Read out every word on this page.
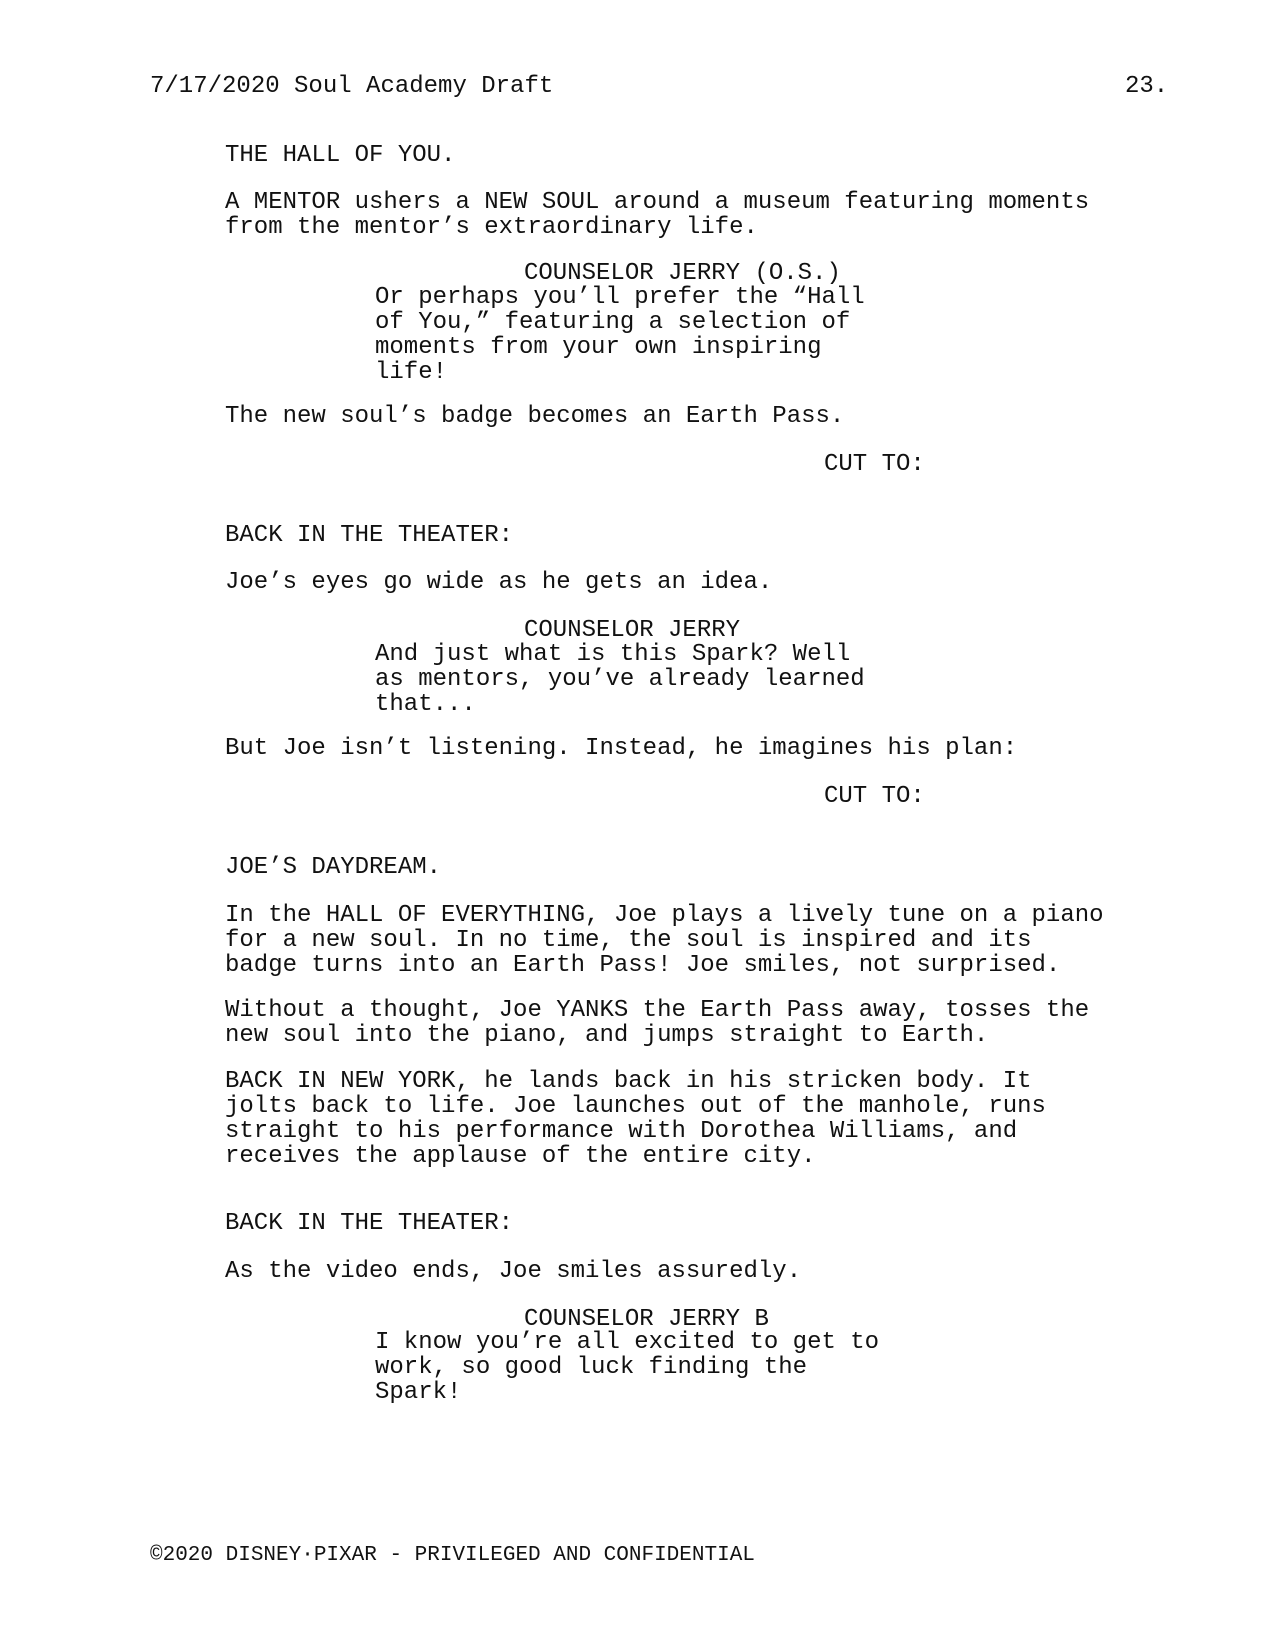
7/17/2020 Soul Academy Draft	23.
THE HALL OF YOU.
A MENTOR ushers a NEW SOUL around a museum featuring moments
from the mentor’s extraordinary life.
COUNSELOR JERRY (O.S.)
Or perhaps you’ll prefer the “Hall
of You,” featuring a selection of
moments from your own inspiring
life!
The new soul’s badge becomes an Earth Pass.
CUT TO:
BACK IN THE THEATER:
Joe’s eyes go wide as he gets an idea.
COUNSELOR JERRY
And just what is this Spark? Well
as mentors, you’ve already learned
that...
But Joe isn’t listening. Instead, he imagines his plan:
CUT TO:
JOE’S DAYDREAM.
In the HALL OF EVERYTHING, Joe plays a lively tune on a piano
for a new soul. In no time, the soul is inspired and its
badge turns into an Earth Pass! Joe smiles, not surprised.
Without a thought, Joe YANKS the Earth Pass away, tosses the
new soul into the piano, and jumps straight to Earth.
BACK IN NEW YORK, he lands back in his stricken body. It
jolts back to life. Joe launches out of the manhole, runs
straight to his performance with Dorothea Williams, and
receives the applause of the entire city.
BACK IN THE THEATER:
As the video ends, Joe smiles assuredly.
COUNSELOR JERRY B
I know you’re all excited to get to
work, so good luck finding the
Spark!
©2020 DISNEY·PIXAR - PRIVILEGED AND CONFIDENTIAL
